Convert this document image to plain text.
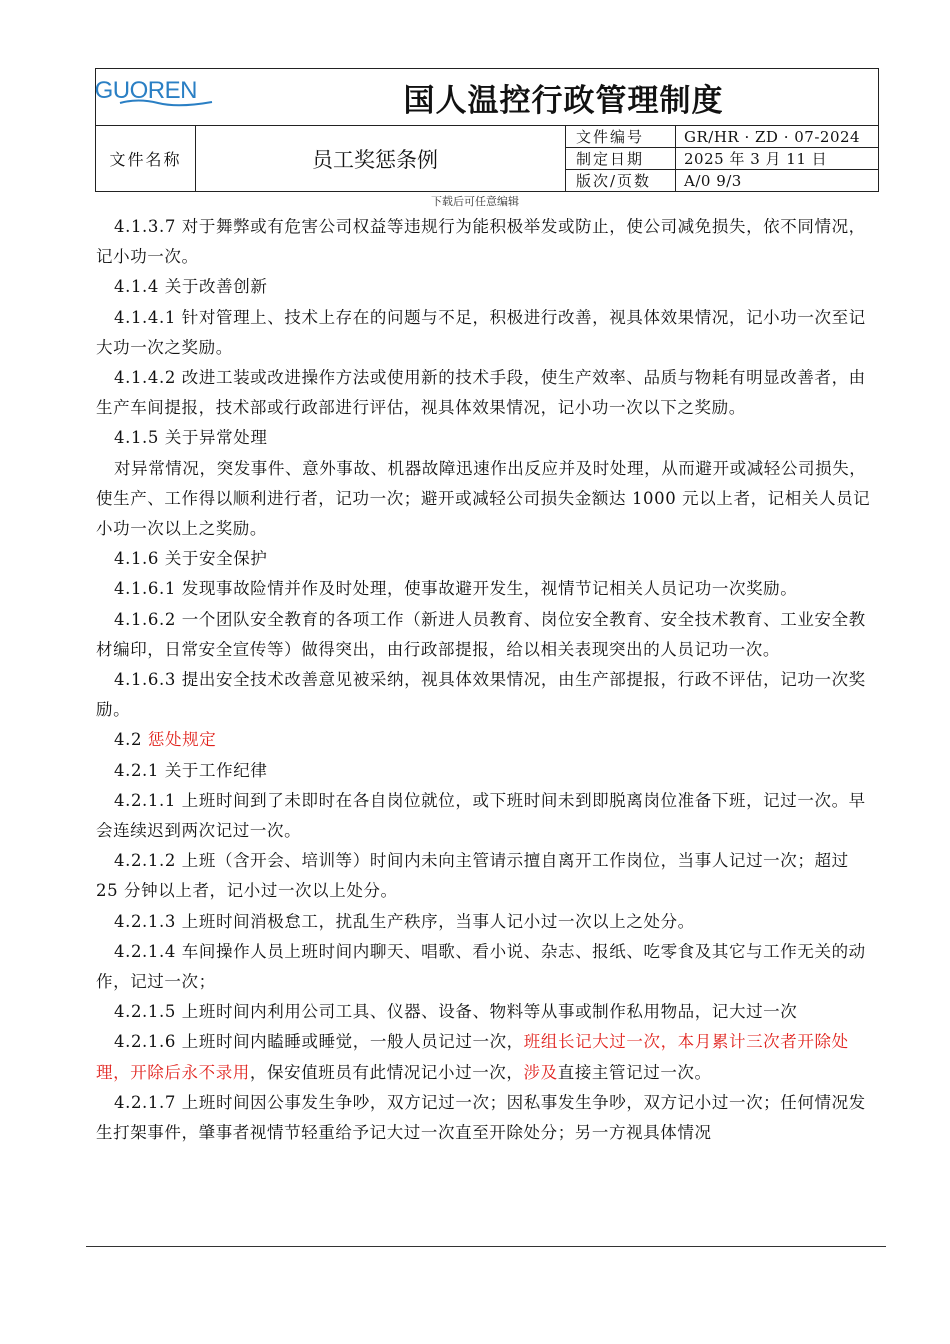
GUOREN	国人温控行政管理制度		
文件名称	员工奖惩条例	文件编号	GR/HR · ZD · 07-2024
		制定日期	2025 年 3 月 11 日
		版次/页数	A/0 9/3
下载后可任意编辑

4.1.3.7 对于舞弊或有危害公司权益等违规行为能积极举发或防止，使公司减免损失，依不同情况，记小功一次。

4.1.4 关于改善创新

4.1.4.1 针对管理上、技术上存在的问题与不足，积极进行改善，视具体效果情况，记小功一次至记大功一次之奖励。

4.1.4.2 改进工装或改进操作方法或使用新的技术手段，使生产效率、品质与物耗有明显改善者，由生产车间提报，技术部或行政部进行评估，视具体效果情况，记小功一次以下之奖励。

4.1.5 关于异常处理

对异常情况，突发事件、意外事故、机器故障迅速作出反应并及时处理，从而避开或减轻公司损失，使生产、工作得以顺利进行者，记功一次；避开或减轻公司损失金额达 1000 元以上者，记相关人员记小功一次以上之奖励。

4.1.6 关于安全保护

4.1.6.1 发现事故险情并作及时处理，使事故避开发生，视情节记相关人员记功一次奖励。

4.1.6.2 一个团队安全教育的各项工作（新进人员教育、岗位安全教育、安全技术教育、工业安全教材编印，日常安全宣传等）做得突出，由行政部提报，给以相关表现突出的人员记功一次。

4.1.6.3 提出安全技术改善意见被采纳，视具体效果情况，由生产部提报，行政不评估，记功一次奖励。

4.2 惩处规定

4.2.1 关于工作纪律

4.2.1.1 上班时间到了未即时在各自岗位就位，或下班时间未到即脱离岗位准备下班，记过一次。早会连续迟到两次记过一次。

4.2.1.2 上班（含开会、培训等）时间内未向主管请示擅自离开工作岗位，当事人记过一次；超过 25 分钟以上者，记小过一次以上处分。

4.2.1.3 上班时间消极怠工，扰乱生产秩序，当事人记小过一次以上之处分。

4.2.1.4 车间操作人员上班时间内聊天、唱歌、看小说、杂志、报纸、吃零食及其它与工作无关的动作，记过一次；

4.2.1.5 上班时间内利用公司工具、仪器、设备、物料等从事或制作私用物品，记大过一次

4.2.1.6 上班时间内瞌睡或睡觉，一般人员记过一次，班组长记大过一次，本月累计三次者开除处理，开除后永不录用，保安值班员有此情况记小过一次，涉及直接主管记过一次。

4.2.1.7 上班时间因公事发生争吵，双方记过一次；因私事发生争吵，双方记小过一次；任何情况发生打架事件，肇事者视情节轻重给予记大过一次直至开除处分；另一方视具体情况
